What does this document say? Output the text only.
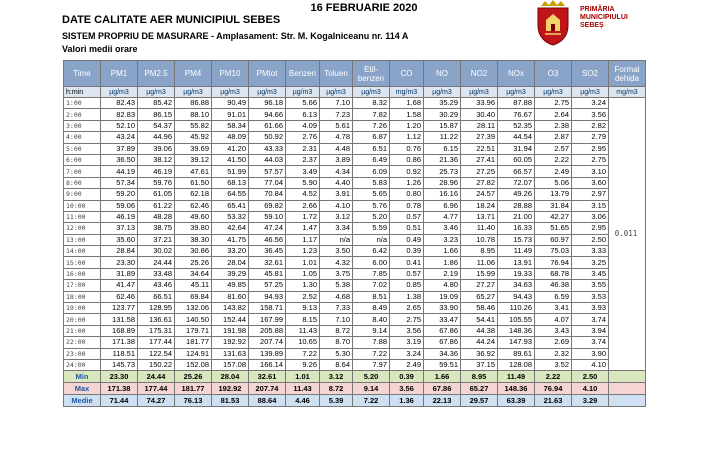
16 FEBRUARIE 2020
DATE CALITATE AER MUNICIPIUL SEBES
SISTEM PROPRIU DE MASURARE - Amplasament: Str. M. Kogalniceanu nr. 114 A
Valori medii orare
PRIMĂRIA
MUNICIPIULUI
SEBEȘ
Time	PM1	PM2.5	PM4	PM10	PMtot	Benzen	Toluen	Etil-
benzen	CO	NO	NO2	NOx	O3	SO2	Formal
dehida
h:min	µg/m3	µg/m3	µg/m3	µg/m3	µg/m3	µg/m3	µg/m3	µg/m3	mg/m3	µg/m3	µg/m3	µg/m3	µg/m3	µg/m3	mg/m3
1:00	82.43	85.42	86.88	90.49	96.18	5.66	7.10	8.32	1.68	35.29	33.96	87.88	2.75	3.24	0.011
2:00	82.83	86.15	88.10	91.01	94.66	6.13	7.23	7.82	1.58	30.29	30.40	76.67	2.64	3.56	
3:00	52.10	54.37	55.82	58.34	61.66	4.09	5.61	7.26	1.20	15.87	28.11	52.35	2.38	2.82	
4:00	43.24	44.96	45.92	48.09	50.92	2.76	4.78	6.87	1.12	11.22	27.39	44.54	2.87	2.79	
5:00	37.89	39.06	39.69	41.20	43.33	2.31	4.48	6.51	0.76	6.15	22.51	31.94	2.57	2.95	
6:00	36.50	38.12	39.12	41.50	44.03	2.37	3.89	6.49	0.86	21.36	27.41	60.05	2.22	2.75	
7:00	44.19	46.19	47.61	51.99	57.57	3.49	4.34	6.09	0.92	25.73	27.25	66.57	2.49	3.10	
8:00	57.34	59.76	61.50	68.13	77.04	5.90	4.40	5.83	1.26	28.96	27.82	72.07	5.06	3.60	
9:00	59.20	61.05	62.18	64.55	70.84	4.52	3.91	5.65	0.80	16.16	24.57	49.26	13.79	2.97	
10:00	59.06	61.22	62.46	65.41	69.82	2.66	4.10	5.76	0.78	6.96	18.24	28.88	31.84	3.15	
11:00	46.19	48.28	49.60	53.32	59.10	1.72	3.12	5.20	0.57	4.77	13.71	21.00	42.27	3.06	
12:00	37.13	38.75	39.80	42.64	47.24	1.47	3.34	5.59	0.51	3.46	11.40	16.33	51.65	2.95	
13:00	35.60	37.21	38.30	41.75	46.56	1.17	n/a	n/a	0.49	3.23	10.78	15.73	60.97	2.50	
14:00	28.84	30.02	30.86	33.20	36.45	1.23	3.50	6.42	0.39	1.66	8.95	11.49	75.03	3.33	
15:00	23.30	24.44	25.26	28.04	32.61	1.01	4.32	6.00	0.41	1.86	11.06	13.91	76.94	3.25	
16:00	31.89	33.48	34.64	39.29	45.81	1.05	3.75	7.85	0.57	2.19	15.99	19.33	68.78	3.45	
17:00	41.47	43.46	45.11	49.85	57.25	1.30	5.38	7.02	0.85	4.80	27.27	34.63	46.38	3.55	
18:00	62.46	66.51	69.84	81.60	94.93	2.52	4.68	8.51	1.38	19.09	65.27	94.43	6.59	3.53	
19:00	123.77	128.95	132.06	143.82	158.71	9.13	7.33	8.49	2.65	33.90	58.46	110.26	3.41	3.93	
20:00	131.58	136.61	140.50	152.44	167.99	8.15	7.10	8.40	2.75	33.47	54.41	105.55	4.07	3.74	
21:00	168.89	175.31	179.71	191.98	205.88	11.43	8.72	9.14	3.56	67.86	44.38	148.36	3.43	3.94	
22:00	171.38	177.44	181.77	192.92	207.74	10.65	8.70	7.88	3.19	67.86	44.24	147.93	2.69	3.74	
23:00	118.51	122.54	124.91	131.63	139.89	7.22	5.30	7.22	3.24	34.36	36.92	89.61	2.32	3.90	
24:00	145.73	150.22	152.08	157.08	166.14	9.26	8.64	7.97	2.49	59.51	37.15	128.08	3.52	4.10	
Min	23.30	24.44	25.26	28.04	32.61	1.01	3.12	5.20	0.39	1.66	8.95	11.49	2.22	2.50	
Max	171.38	177.44	181.77	192.92	207.74	11.43	8.72	9.14	3.56	67.86	65.27	148.36	76.94	4.10	
Medie	71.44	74.27	76.13	81.53	88.64	4.46	5.39	7.22	1.36	22.13	29.57	63.39	21.63	3.29	
